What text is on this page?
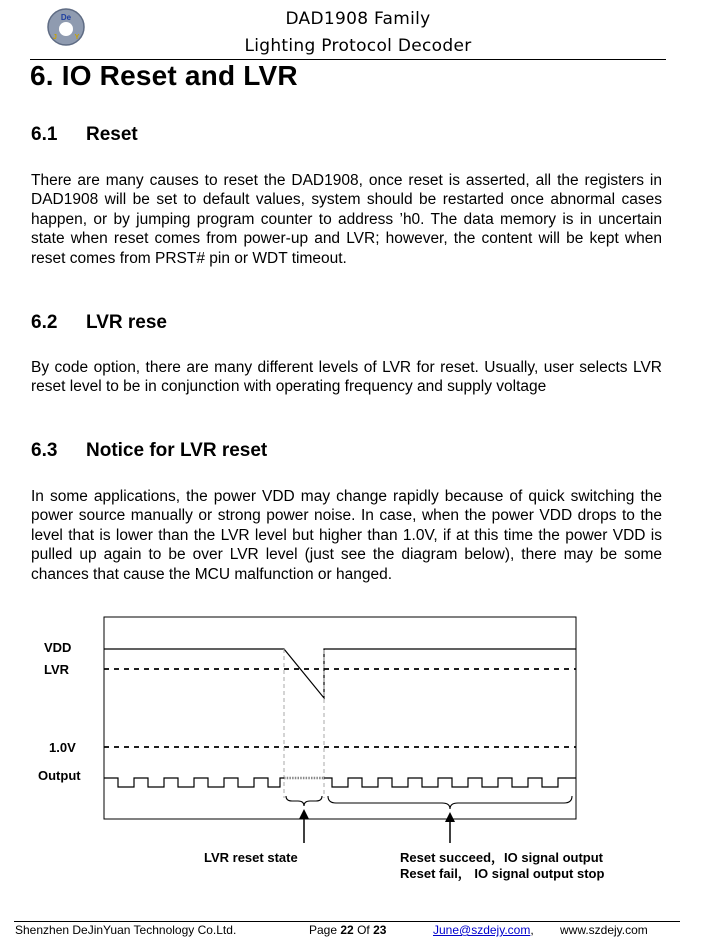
De
J	Y
DAD1908 Family
Lighting Protocol Decoder
6. IO Reset and LVR
6.1 Reset
There are many causes to reset the DAD1908, once reset is asserted, all the registers in DAD1908 will be set to default values, system should be restarted once abnormal cases happen, or by jumping program counter to address ’h0. The data memory is in uncertain state when reset comes from power-up and LVR; however, the content will be kept when reset comes from PRST# pin or WDT timeout.
6.2 LVR rese
By code option, there are many different levels of LVR for reset. Usually, user selects LVR reset level to be in conjunction with operating frequency and supply voltage
6.3 Notice for LVR reset
In some applications, the power VDD may change rapidly because of quick switching the power source manually or strong power noise. In case, when the power VDD drops to the level that is lower than the LVR level but higher than 1.0V, if at this time the power VDD is pulled up again to be over LVR level (just see the diagram below), there may be some chances that cause the MCU malfunction or hanged.
VDD
LVR
1.0V
Output
LVR reset state	Reset succeed，IO signal output
Reset fail， IO signal output stop
Shenzhen DeJinYuan Technology Co.Ltd.	Page 22 Of 23	June@szdejy.com, www.szdejy.com
